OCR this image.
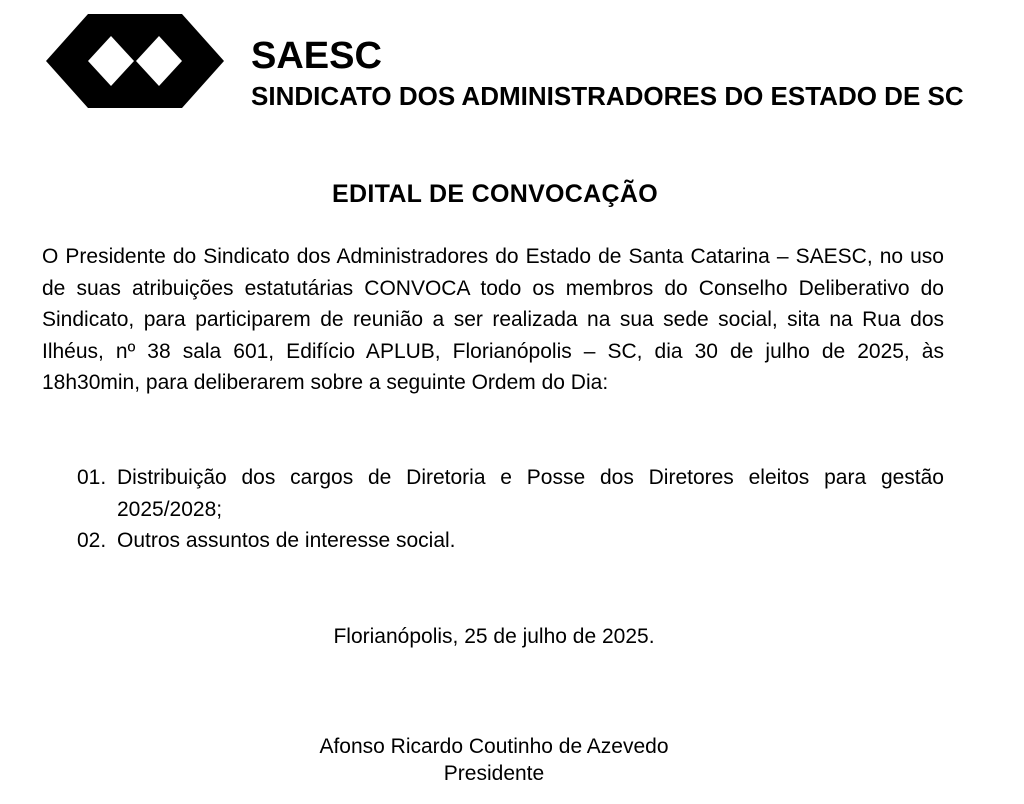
SAESC
SINDICATO DOS ADMINISTRADORES DO ESTADO DE SC
EDITAL DE CONVOCAÇÃO

O Presidente do Sindicato dos Administradores do Estado de Santa Catarina – SAESC, no uso de suas atribuições estatutárias CONVOCA todo os membros do Conselho Deliberativo do Sindicato, para participarem de reunião a ser realizada na sua sede social, sita na Rua dos Ilhéus, nº 38 sala 601, Edifício APLUB, Florianópolis – SC, dia 30 de julho de 2025, às 18h30min, para deliberarem sobre a seguinte Ordem do Dia:

01. Distribuição dos cargos de Diretoria e Posse dos Diretores eleitos para gestão 2025/2028;
02. Outros assuntos de interesse social.
Florianópolis, 25 de julho de 2025.
Afonso Ricardo Coutinho de Azevedo
Presidente
